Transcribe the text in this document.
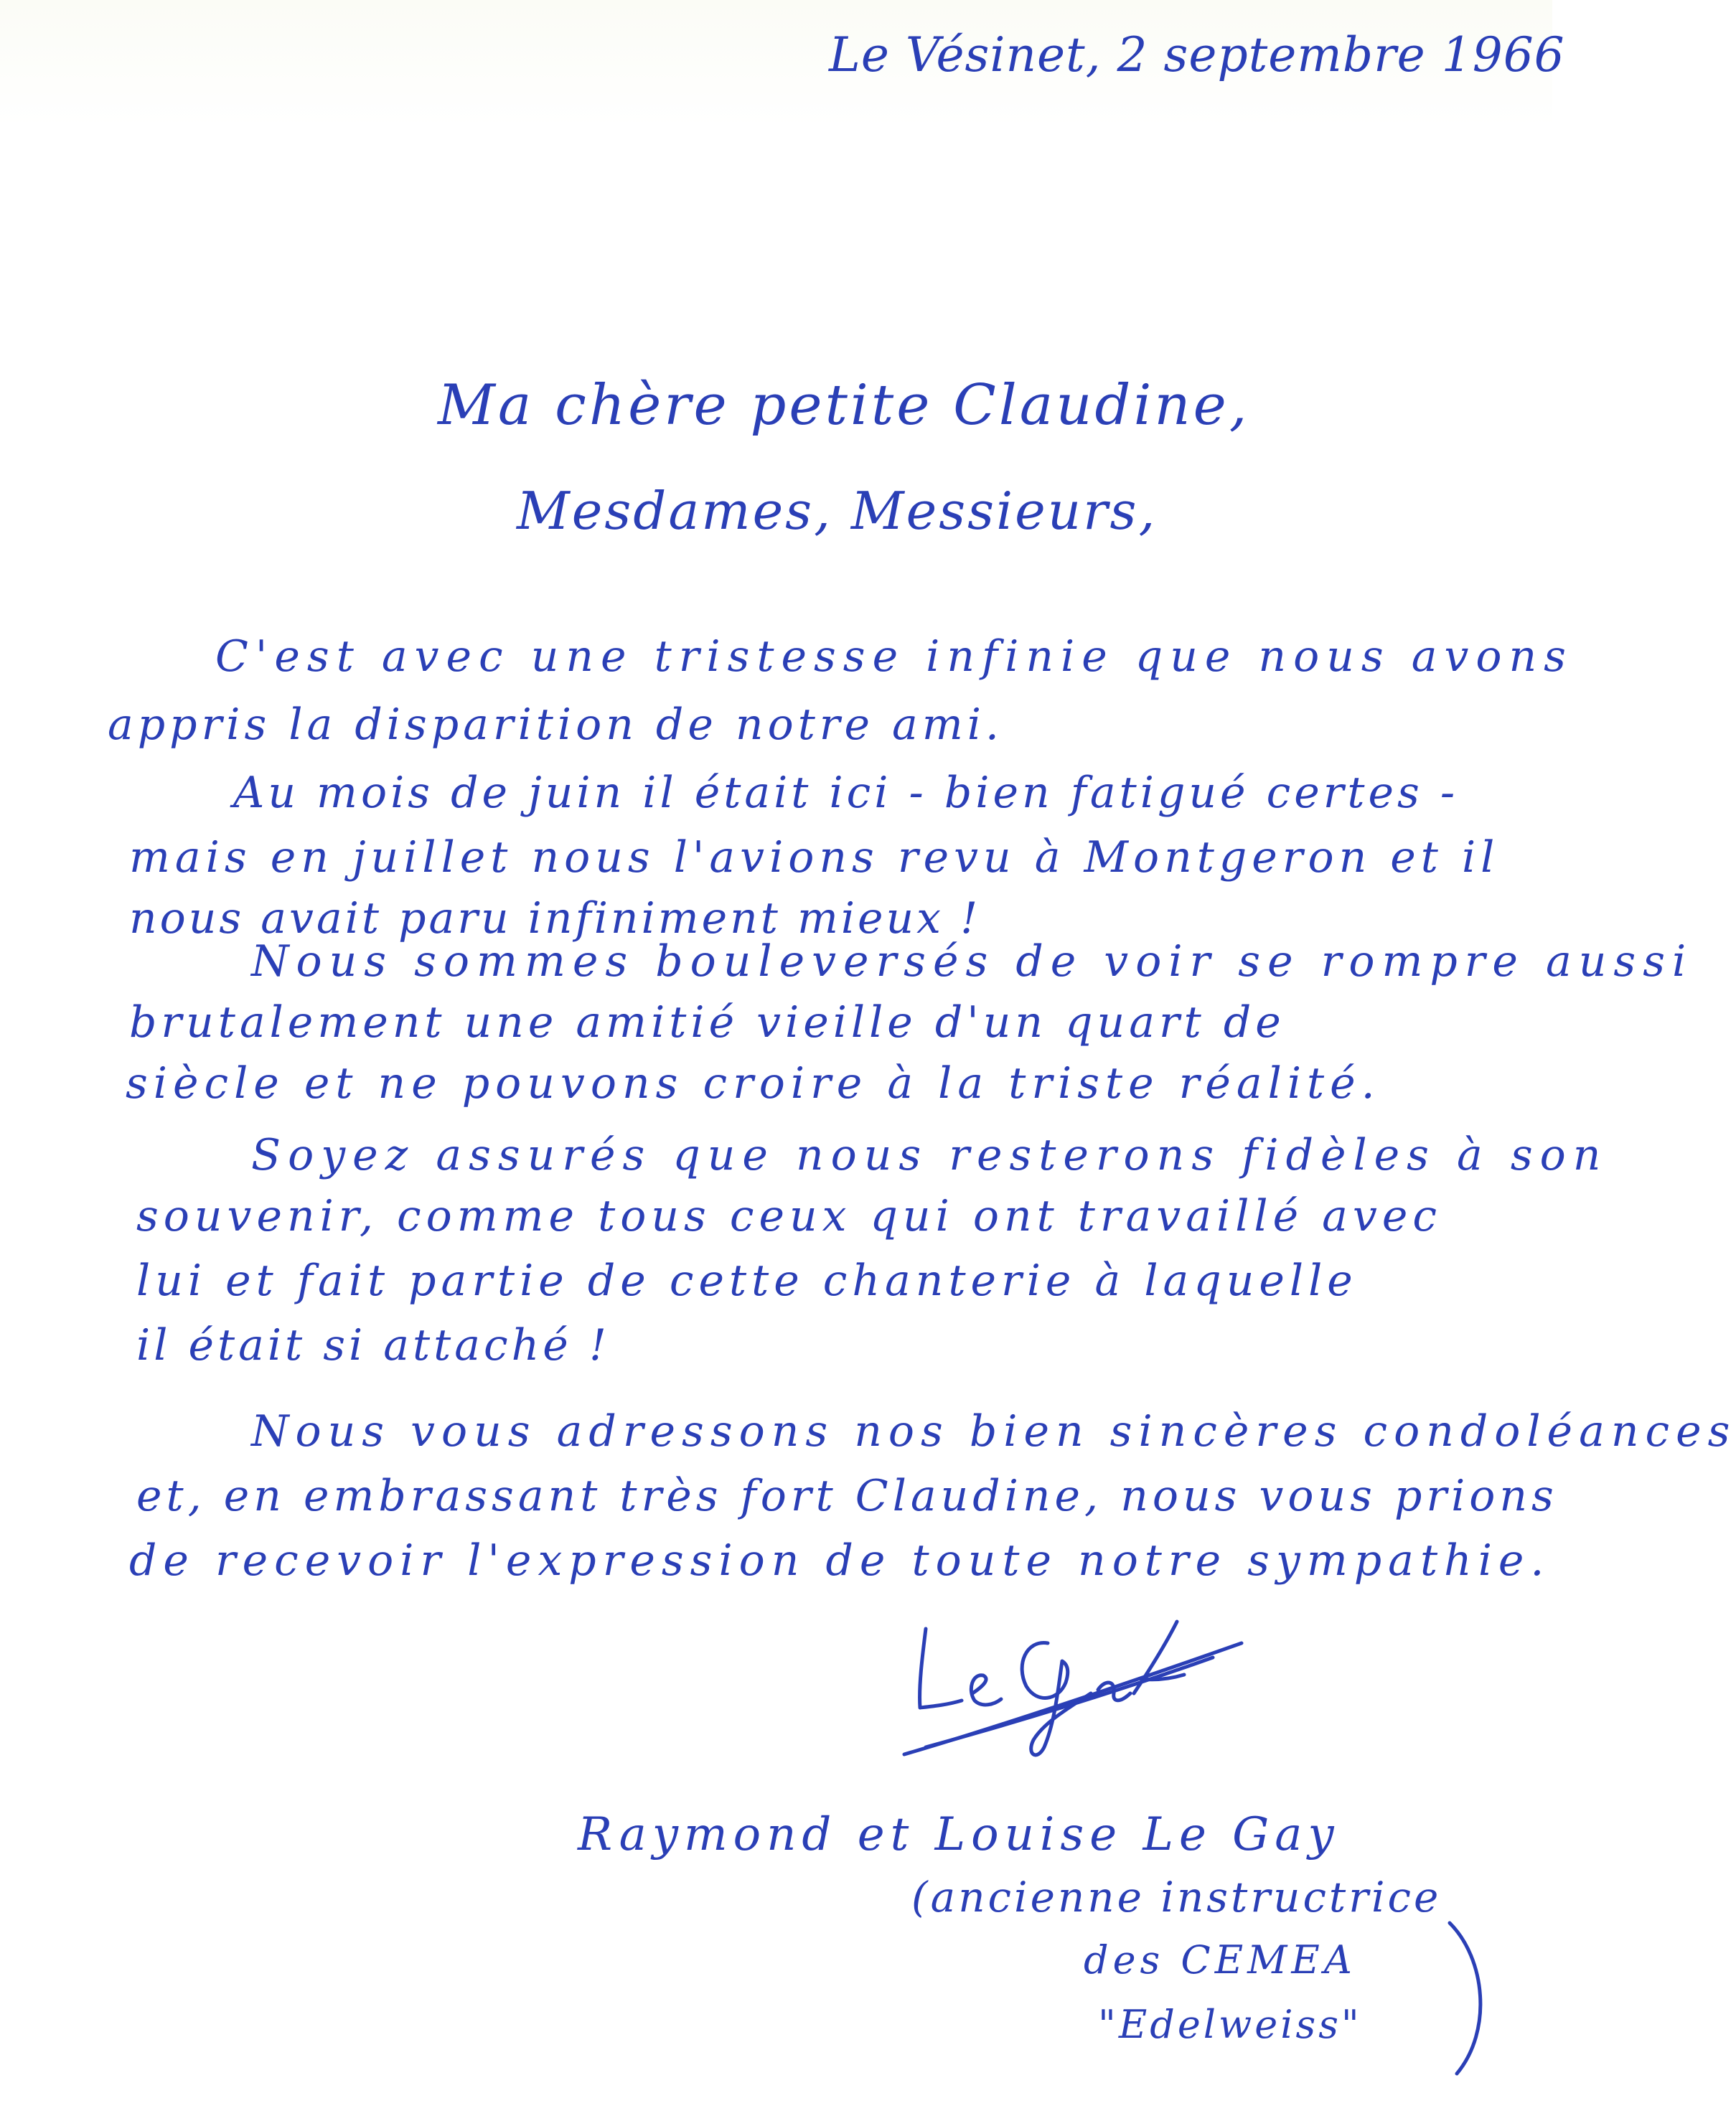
Le Vésinet, 2 septembre 1966
Ma chère petite Claudine,
Mesdames, Messieurs,
C'est avec une tristesse infinie que nous avons
appris la disparition de notre ami.
Au mois de juin il était ici - bien fatigué certes -
mais en juillet nous l'avions revu à Montgeron et il
nous avait paru infiniment mieux !
Nous sommes bouleversés de voir se rompre aussi
brutalement une amitié vieille d'un quart de
siècle et ne pouvons croire à la triste réalité.
Soyez assurés que nous resterons fidèles à son
souvenir, comme tous ceux qui ont travaillé avec
lui et fait partie de cette chanterie à laquelle
il était si attaché !
Nous vous adressons nos bien sincères condoléances
et, en embrassant très fort Claudine, nous vous prions
de recevoir l'expression de toute notre sympathie.
Raymond et Louise Le Gay
(ancienne instructrice
des CEMEA
"Edelweiss"
